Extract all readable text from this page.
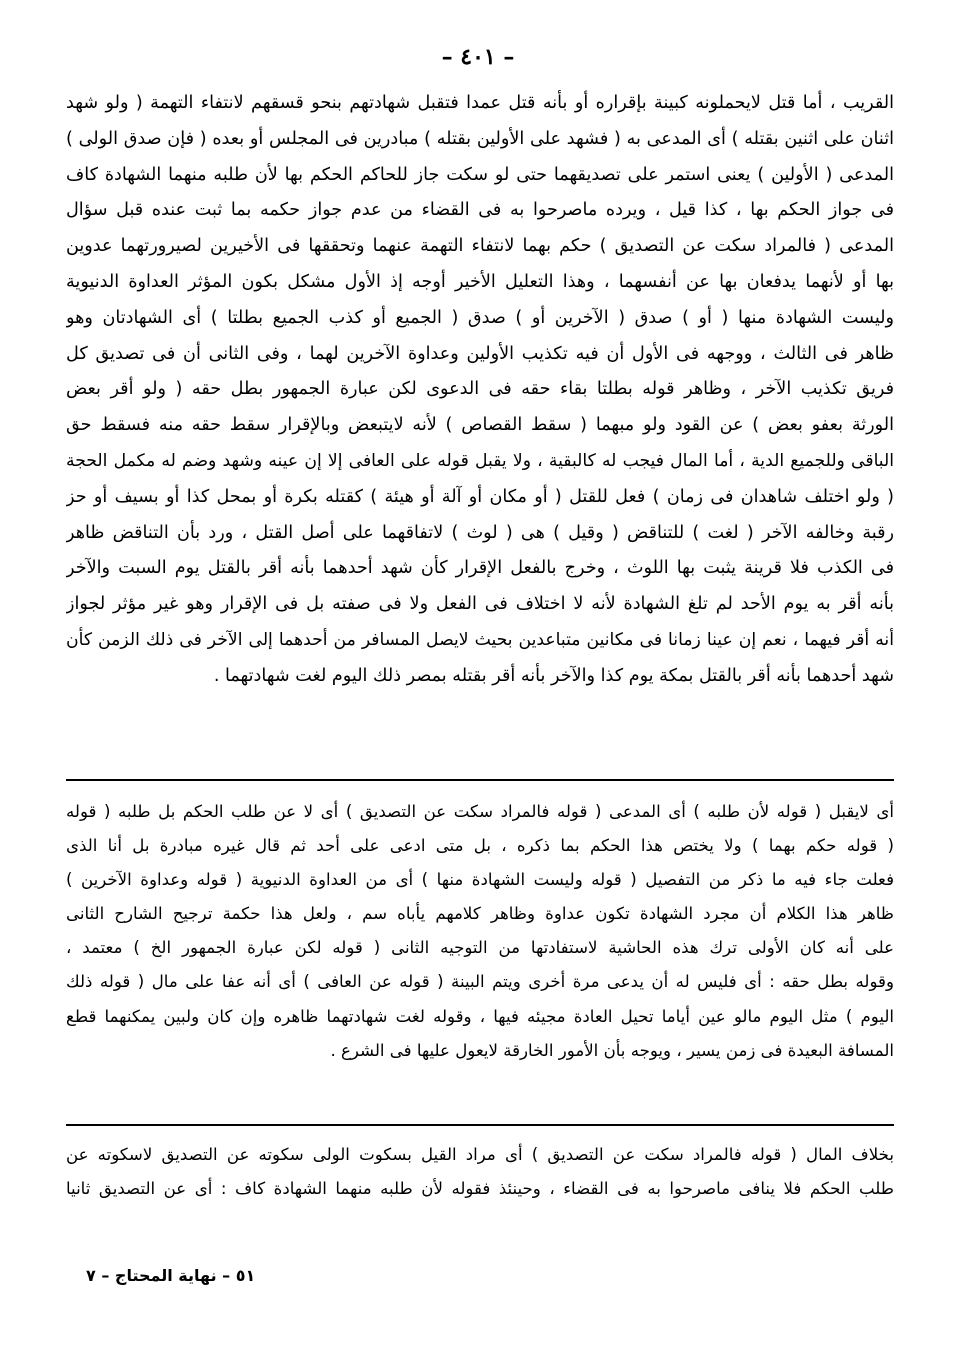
– ٤٠١ –
القريب ، أما قتل لايحملونه كبينة بإقراره أو بأنه قتل عمدا فتقبل شهادتهم بنحو قسقهم لانتفاء التهمة ( ولو شهد
اثنان على اثنين بقتله ) أى المدعى به ( فشهد على الأولين بقتله ) مبادرين فى المجلس أو بعده ( فإن صدق الولى )
المدعى ( الأولين ) يعنى استمر على تصديقهما حتى لو سكت جاز للحاكم الحكم بها لأن طلبه منهما الشهادة كاف
فى جواز الحكم بها ، كذا قيل ، ويرده ماصرحوا به فى القضاء من عدم جواز حكمه بما ثبت عنده قبل سؤال
المدعى ( فالمراد سكت عن التصديق ) حكم بهما لانتفاء التهمة عنهما وتحققها فى الأخيرين لصيرورتهما عدوين
بها أو لأنهما يدفعان بها عن أنفسهما ، وهذا التعليل الأخير أوجه إذ الأول مشكل بكون المؤثر العداوة الدنيوية
وليست الشهادة منها ( أو ) صدق ( الآخرين أو ) صدق ( الجميع أو كذب الجميع بطلتا ) أى الشهادتان وهو
ظاهر فى الثالث ، ووجهه فى الأول أن فيه تكذيب الأولين وعداوة الآخرين لهما ، وفى الثانى أن فى تصديق كل
فريق تكذيب الآخر ، وظاهر قوله بطلتا بقاء حقه فى الدعوى لكن عبارة الجمهور بطل حقه ( ولو أقر بعض
الورثة بعفو بعض ) عن القود ولو مبهما ( سقط القصاص ) لأنه لايتبعض وبالإقرار سقط حقه منه فسقط حق
الباقى وللجميع الدية ، أما المال فيجب له كالبقية ، ولا يقبل قوله على العافى إلا إن عينه وشهد وضم له مكمل الحجة
( ولو اختلف شاهدان فى زمان ) فعل للقتل ( أو مكان أو آلة أو هيئة ) كقتله بكرة أو بمحل كذا أو بسيف أو حز
رقبة وخالفه الآخر ( لغت ) للتناقض ( وقيل ) هى ( لوث ) لاتفاقهما على أصل القتل ، ورد بأن التناقض ظاهر
فى الكذب فلا قرينة يثبت بها اللوث ، وخرج بالفعل الإقرار كأن شهد أحدهما بأنه أقر بالقتل يوم السبت والآخر
بأنه أقر به يوم الأحد لم تلغ الشهادة لأنه لا اختلاف فى الفعل ولا فى صفته بل فى الإقرار وهو غير مؤثر لجواز
أنه أقر فيهما ، نعم إن عينا زمانا فى مكانين متباعدين بحيث لايصل المسافر من أحدهما إلى الآخر فى ذلك الزمن كأن
شهد أحدهما بأنه أقر بالقتل بمكة يوم كذا والآخر بأنه أقر بقتله بمصر ذلك اليوم لغت شهادتهما .
أى لايقبل ( قوله لأن طلبه ) أى المدعى ( قوله فالمراد سكت عن التصديق ) أى لا عن طلب الحكم بل طلبه ( قوله
( قوله حكم بهما ) ولا يختص هذا الحكم بما ذكره ، بل متى ادعى على أحد ثم قال غيره مبادرة بل أنا الذى
فعلت جاء فيه ما ذكر من التفصيل ( قوله وليست الشهادة منها ) أى من العداوة الدنيوية ( قوله وعداوة الآخرين )
ظاهر هذا الكلام أن مجرد الشهادة تكون عداوة وظاهر كلامهم يأباه سم ، ولعل هذا حكمة ترجيح الشارح الثانى
على أنه كان الأولى ترك هذه الحاشية لاستفادتها من التوجيه الثانى ( قوله لكن عبارة الجمهور الخ ) معتمد ،
وقوله بطل حقه : أى فليس له أن يدعى مرة أخرى ويتم البينة ( قوله عن العافى ) أى أنه عفا على مال ( قوله ذلك
اليوم ) مثل اليوم مالو عين أياما تحيل العادة مجيئه فيها ، وقوله لغت شهادتهما ظاهره وإن كان ولبين يمكنهما قطع
المسافة البعيدة فى زمن يسير ، ويوجه بأن الأمور الخارقة لايعول عليها فى الشرع .
بخلاف المال ( قوله فالمراد سكت عن التصديق ) أى مراد القيل بسكوت الولى سكوته عن التصديق لاسكوته عن
طلب الحكم فلا ينافى ماصرحوا به فى القضاء ، وحينئذ فقوله لأن طلبه منهما الشهادة كاف : أى عن التصديق ثانيا
٥١ – نهاية المحتاج – ٧
